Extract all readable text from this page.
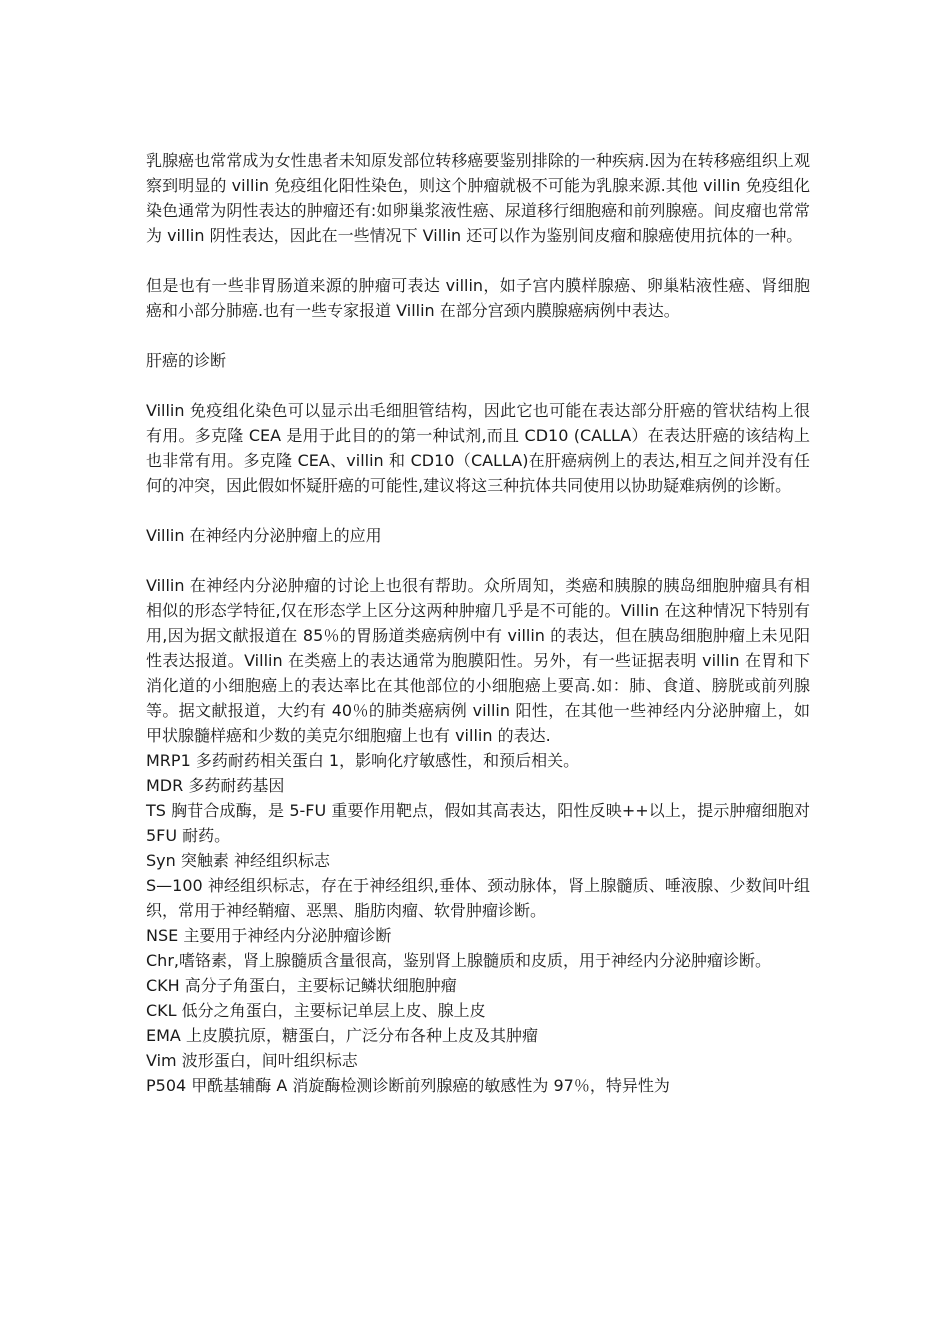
乳腺癌也常常成为女性患者未知原发部位转移癌要鉴别排除的一种疾病.因为在转移癌组织上观察到明显的 villin 免疫组化阳性染色，则这个肿瘤就极不可能为乳腺来源.其他 villin 免疫组化染色通常为阴性表达的肿瘤还有:如卵巢浆液性癌、尿道移行细胞癌和前列腺癌。间皮瘤也常常为 villin 阴性表达，因此在一些情况下 Villin 还可以作为鉴别间皮瘤和腺癌使用抗体的一种。
但是也有一些非胃肠道来源的肿瘤可表达 villin，如子宫内膜样腺癌、卵巢粘液性癌、肾细胞癌和小部分肺癌.也有一些专家报道 Villin 在部分宫颈内膜腺癌病例中表达。
肝癌的诊断
Villin 免疫组化染色可以显示出毛细胆管结构，因此它也可能在表达部分肝癌的管状结构上很有用。多克隆 CEA 是用于此目的的第一种试剂,而且 CD10 (CALLA）在表达肝癌的该结构上也非常有用。多克隆 CEA、villin 和 CD10（CALLA)在肝癌病例上的表达,相互之间并没有任何的冲突，因此假如怀疑肝癌的可能性,建议将这三种抗体共同使用以协助疑难病例的诊断。
Villin 在神经内分泌肿瘤上的应用
Villin 在神经内分泌肿瘤的讨论上也很有帮助。众所周知，类癌和胰腺的胰岛细胞肿瘤具有相相似的形态学特征,仅在形态学上区分这两种肿瘤几乎是不可能的。Villin 在这种情况下特别有用,因为据文献报道在 85％的胃肠道类癌病例中有 villin 的表达，但在胰岛细胞肿瘤上未见阳性表达报道。Villin 在类癌上的表达通常为胞膜阳性。另外，有一些证据表明 villin 在胃和下消化道的小细胞癌上的表达率比在其他部位的小细胞癌上要高.如：肺、食道、膀胱或前列腺等。据文献报道，大约有 40％的肺类癌病例 villin 阳性，在其他一些神经内分泌肿瘤上，如甲状腺髓样癌和少数的美克尔细胞瘤上也有 villin 的表达.
MRP1 多药耐药相关蛋白 1，影响化疗敏感性，和预后相关。
MDR 多药耐药基因
TS 胸苷合成酶，是 5-FU 重要作用靶点，假如其高表达，阳性反映++以上，提示肿瘤细胞对 5FU 耐药。
Syn 突触素 神经组织标志
S—100 神经组织标志，存在于神经组织,垂体、颈动脉体，肾上腺髓质、唾液腺、少数间叶组织，常用于神经鞘瘤、恶黑、脂肪肉瘤、软骨肿瘤诊断。
NSE 主要用于神经内分泌肿瘤诊断
Chr,嗜铬素，肾上腺髓质含量很高，鉴别肾上腺髓质和皮质，用于神经内分泌肿瘤诊断。
CKH 高分子角蛋白，主要标记鳞状细胞肿瘤
CKL 低分之角蛋白，主要标记单层上皮、腺上皮
EMA 上皮膜抗原，糖蛋白，广泛分布各种上皮及其肿瘤
Vim 波形蛋白，间叶组织标志
P504 甲酰基辅酶 A 消旋酶检测诊断前列腺癌的敏感性为 97％，特异性为
